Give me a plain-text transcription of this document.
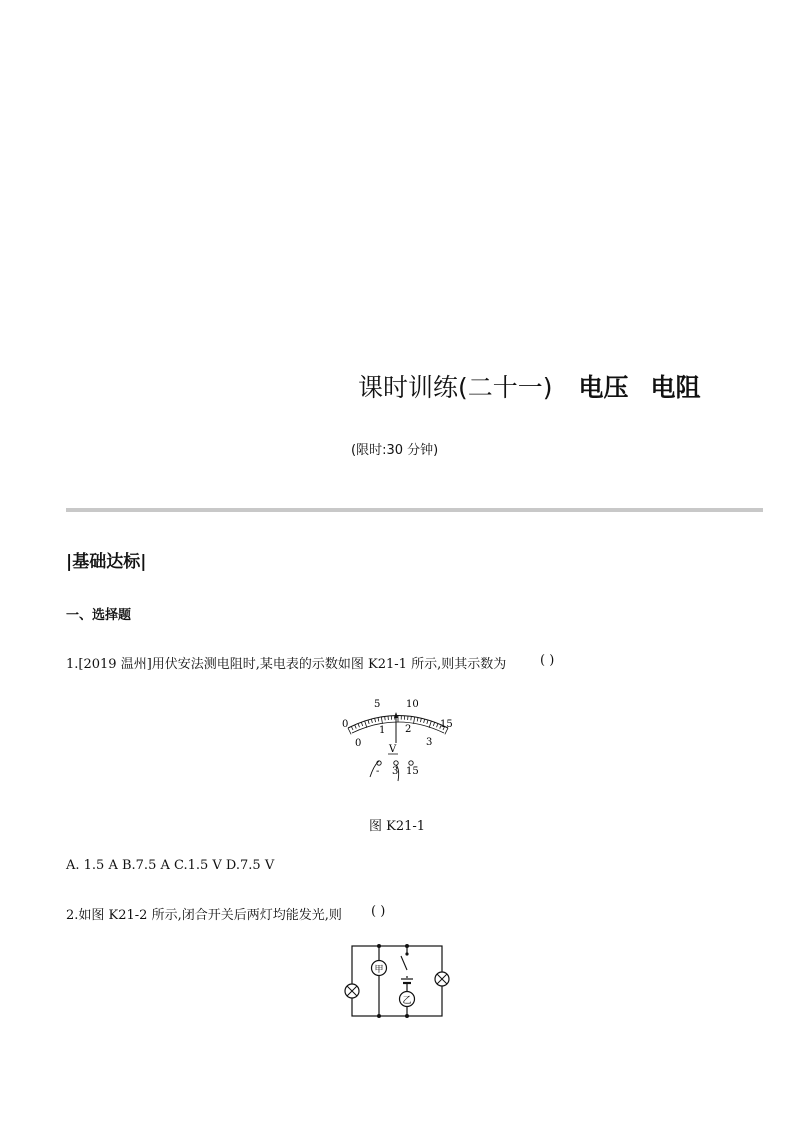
课时训练(二十一) 电压 电阻
(限时:30 分钟)
|基础达标|
一、选择题
1.[2019 温州]用伏安法测电阻时,某电表的示数如图 K21-1 所示,则其示数为	( )
0
5	10
15
0
1 2
3
V
- 3 15
图 K21-1
A. 1.5 A B.7.5 A C.1.5 V D.7.5 V
2.如图 K21-2 所示,闭合开关后两灯均能发光,则 ( )
甲
乙
